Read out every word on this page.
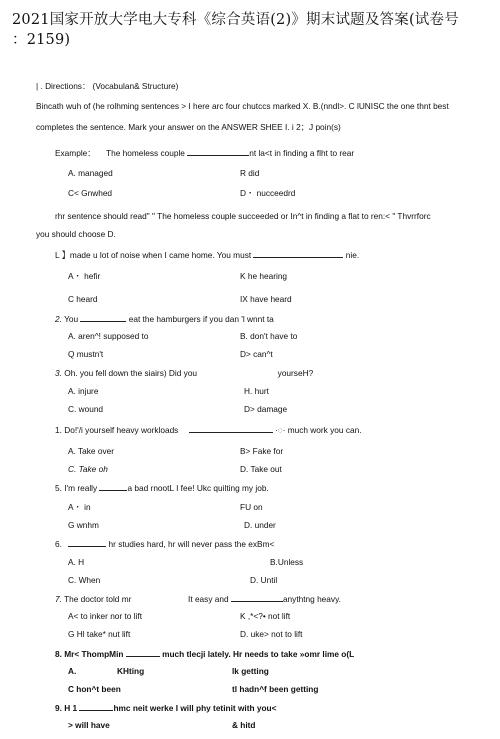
2021国家开放大学电大专科《综合英语(2)》期末试题及答案(试卷号
：2159)
| . Directions： (Vocabulan& Structure)
Bincath wuh of (he rolhming sentences > I here arc four chutccs marked X. B.(nndl>. C lUNISC the one thnt best
completes the sentence. Mark your answer on the ANSWER SHEE I. i 2；J poin(s)
Example： The homeless couple	nt la<t in finding a flht to rear
A. managed	R did
C< Gnwhed	D・ nucceedrd
rhr sentence should read" " The homeless couple succeeded or In^t in finding a flat to ren:< " Thvrrforc
you should choose D.
L 】made u lot of noise when I came home. You must	nie.
A・ hefir	K he hearing
C heard	IX have heard
2. You	eat the hamburgers if you dan 'l wnnt ta
A. aren^! supposed to	B. don't have to
Q mustn't	D> can^t
3. Oh. you fell down the siairs) Did you	yourseH?
A. injure	H. hurt
C. wound	D> damage
1. Do!'/i yourself heavy workloads	·◌· much work you can.
A. Take over	B> Fake for
C. Take oh	D. Take out
5. I'm really	a bad rnootL I fee! Ukc quilting my job.
A・ in	FU on
G wnhm	D. under
6.	hr studies hard, hr will never pass the exBm<
A. H	B.Unless
C. When	D. Until
7. The doctor told mr	It easy and	anythtng heavy.
A< to inker nor to lift	K ,*<?• not lift
G Hl take* nut lift	D. uke> not to lift
8. Mr< ThompMin	much tlecji lately. Hr needs to take »omr lime o(L
A.	KHting	lk getting
C hon^t been	tl hadn^f been getting
9. H 1	hmc neit werke I will phy tetinit with you<
> will have	& hitd
